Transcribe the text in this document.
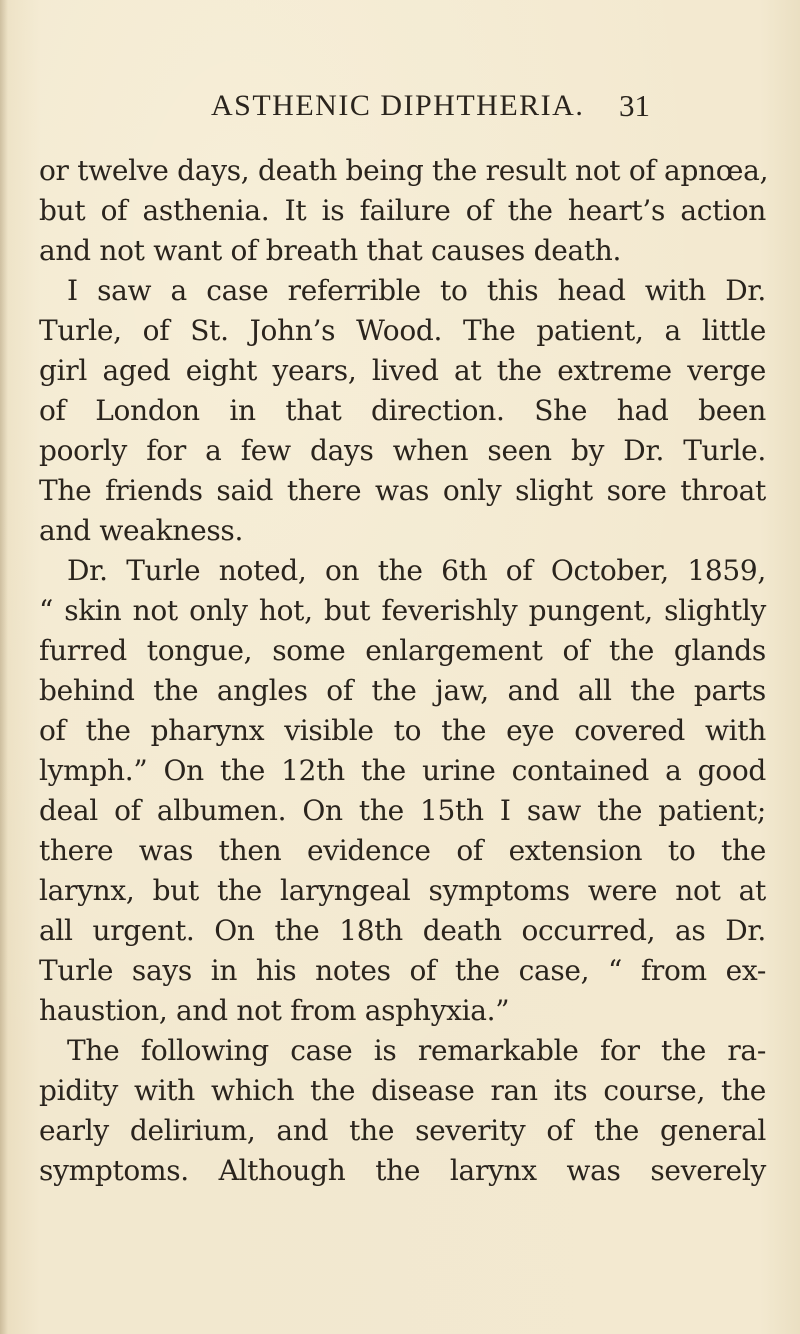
ASTHENIC DIPHTHERIA. 31
or twelve days, death being the result not of apnœa,
but of asthenia. It is failure of the heart’s action
and not want of breath that causes death.
I saw a case referrible to this head with Dr.
Turle, of St. John’s Wood. The patient, a little
girl aged eight years, lived at the extreme verge
of London in that direction. She had been
poorly for a few days when seen by Dr. Turle.
The friends said there was only slight sore throat
and weakness.
Dr. Turle noted, on the 6th of October, 1859,
“ skin not only hot, but feverishly pungent, slightly
furred tongue, some enlargement of the glands
behind the angles of the jaw, and all the parts
of the pharynx visible to the eye covered with
lymph.” On the 12th the urine contained a good
deal of albumen. On the 15th I saw the patient;
there was then evidence of extension to the
larynx, but the laryngeal symptoms were not at
all urgent. On the 18th death occurred, as Dr.
Turle says in his notes of the case, “ from ex-
haustion, and not from asphyxia.”
The following case is remarkable for the ra-
pidity with which the disease ran its course, the
early delirium, and the severity of the general
symptoms. Although the larynx was severely
